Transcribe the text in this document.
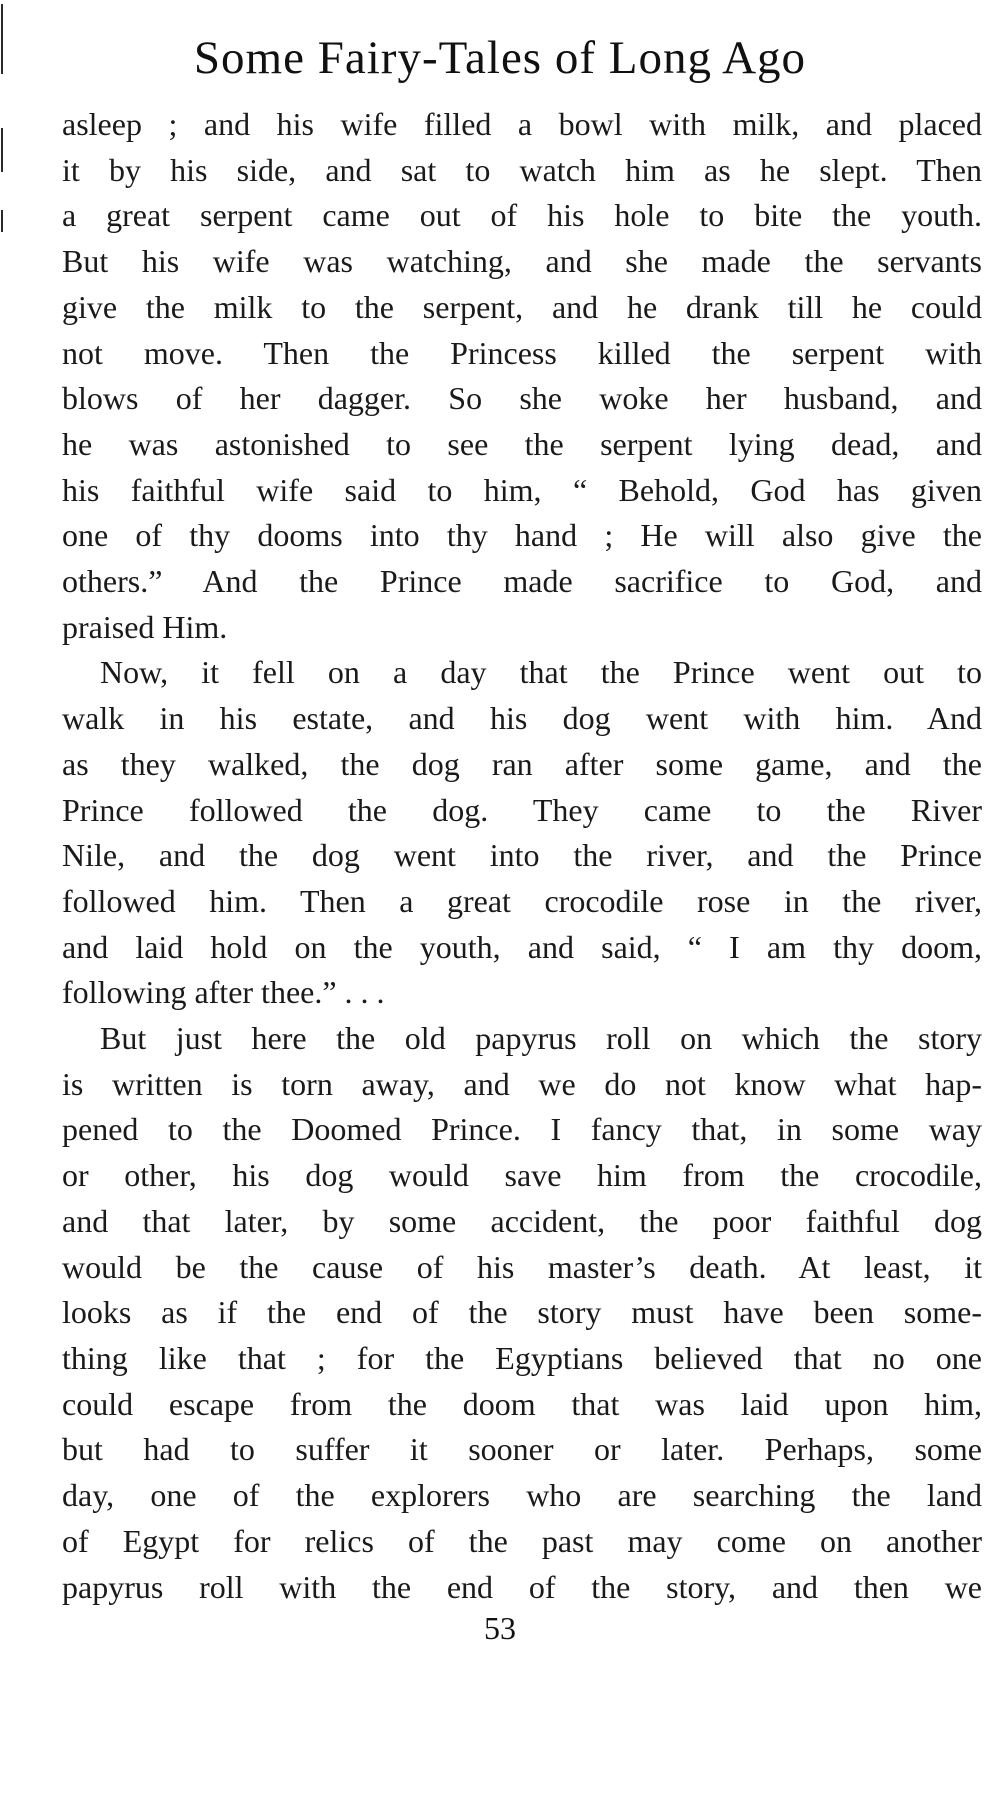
Some Fairy-Tales of Long Ago

asleep ; and his wife filled a bowl with milk, and placed
it by his side, and sat to watch him as he slept. Then
a great serpent came out of his hole to bite the youth.
But his wife was watching, and she made the servants
give the milk to the serpent, and he drank till he could
not move. Then the Princess killed the serpent with
blows of her dagger. So she woke her husband, and
he was astonished to see the serpent lying dead, and
his faithful wife said to him, “ Behold, God has given
one of thy dooms into thy hand ; He will also give the
others.” And the Prince made sacrifice to God, and
praised Him.

Now, it fell on a day that the Prince went out to
walk in his estate, and his dog went with him. And
as they walked, the dog ran after some game, and the
Prince followed the dog. They came to the River
Nile, and the dog went into the river, and the Prince
followed him. Then a great crocodile rose in the river,
and laid hold on the youth, and said, “ I am thy doom,
following after thee.” . . .

But just here the old papyrus roll on which the story
is written is torn away, and we do not know what hap-
pened to the Doomed Prince. I fancy that, in some way
or other, his dog would save him from the crocodile,
and that later, by some accident, the poor faithful dog
would be the cause of his master’s death. At least, it
looks as if the end of the story must have been some-
thing like that ; for the Egyptians believed that no one
could escape from the doom that was laid upon him,
but had to suffer it sooner or later. Perhaps, some
day, one of the explorers who are searching the land
of Egypt for relics of the past may come on another
papyrus roll with the end of the story, and then we

53
